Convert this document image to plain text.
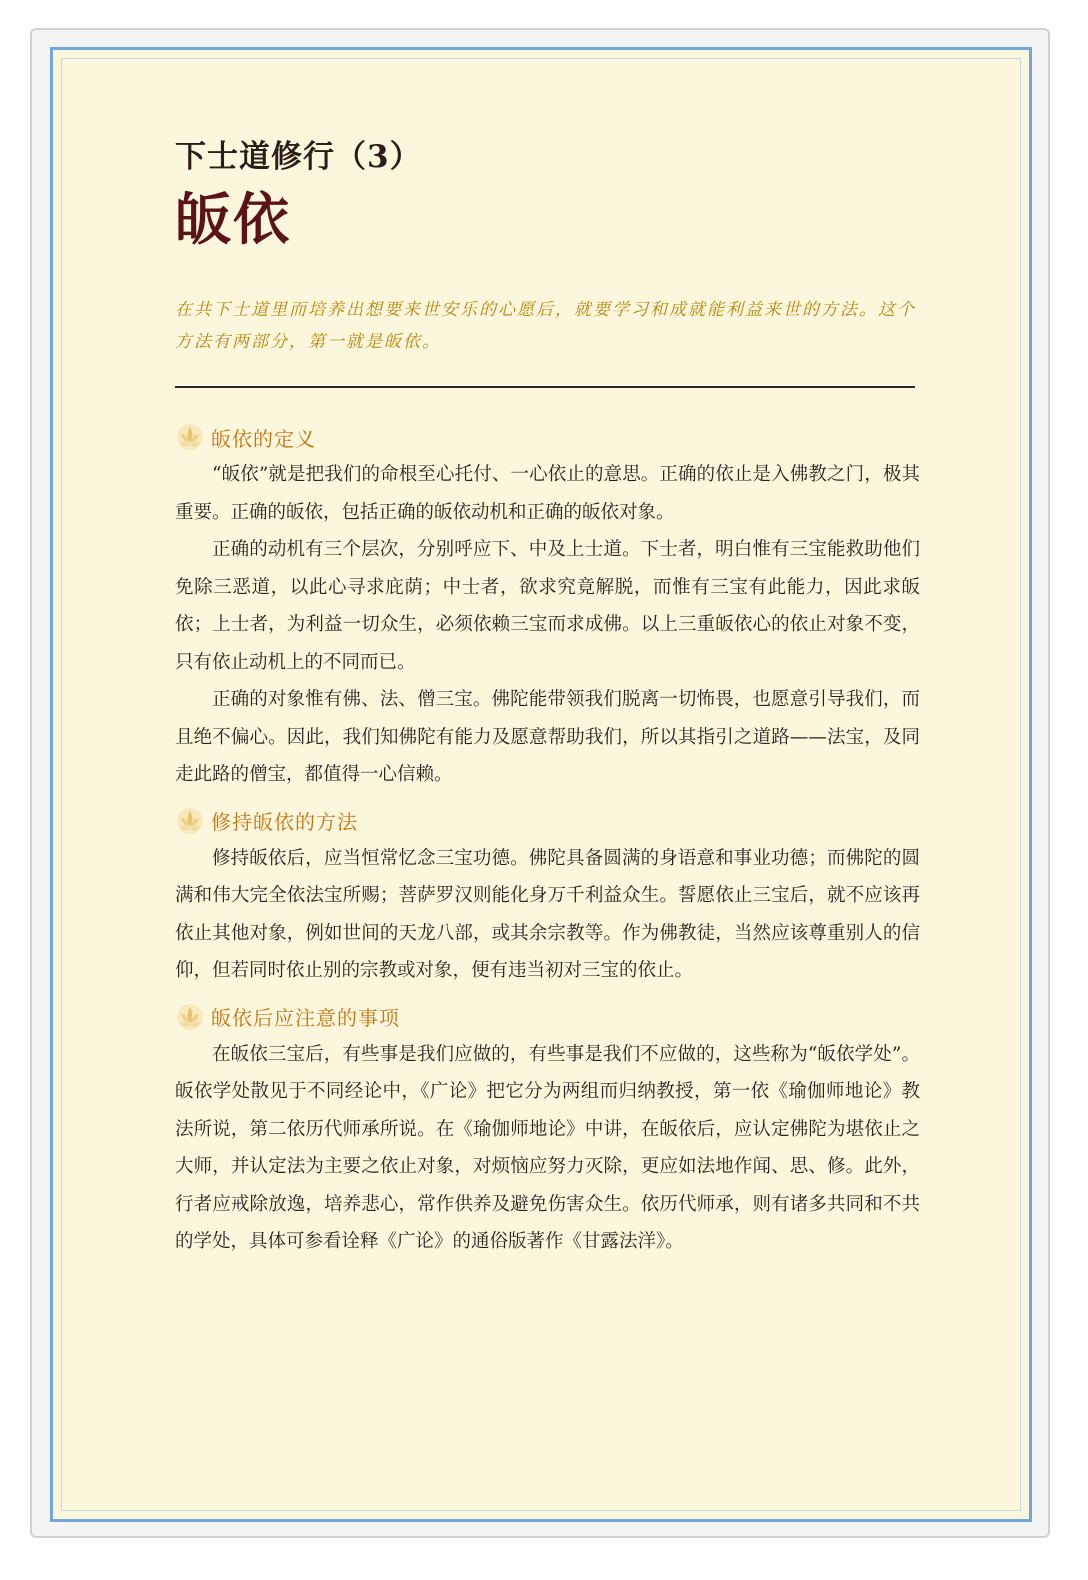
下士道修行（3）
皈依
在共下士道里而培养出想要来世安乐的心愿后，就要学习和成就能利益来世的方法。这个方法有两部分，第一就是皈依。
皈依的定义

“皈依”就是把我们的命根至心托付、一心依止的意思。正确的依止是入佛教之门，极其重要。正确的皈依，包括正确的皈依动机和正确的皈依对象。

正确的动机有三个层次，分别呼应下、中及上士道。下士者，明白惟有三宝能救助他们免除三恶道，以此心寻求庇荫；中士者，欲求究竟解脱，而惟有三宝有此能力，因此求皈依；上士者，为利益一切众生，必须依赖三宝而求成佛。以上三重皈依心的依止对象不变，只有依止动机上的不同而已。

正确的对象惟有佛、法、僧三宝。佛陀能带领我们脱离一切怖畏，也愿意引导我们，而且绝不偏心。因此，我们知佛陀有能力及愿意帮助我们，所以其指引之道路——法宝，及同走此路的僧宝，都值得一心信赖。

修持皈依的方法

修持皈依后，应当恒常忆念三宝功德。佛陀具备圆满的身语意和事业功德；而佛陀的圆满和伟大完全依法宝所赐；菩萨罗汉则能化身万千利益众生。誓愿依止三宝后，就不应该再依止其他对象，例如世间的天龙八部，或其余宗教等。作为佛教徒，当然应该尊重别人的信仰，但若同时依止别的宗教或对象，便有违当初对三宝的依止。

皈依后应注意的事项

在皈依三宝后，有些事是我们应做的，有些事是我们不应做的，这些称为“皈依学处”。皈依学处散见于不同经论中，《广论》把它分为两组而归纳教授，第一依《瑜伽师地论》教法所说，第二依历代师承所说。在《瑜伽师地论》中讲，在皈依后，应认定佛陀为堪依止之大师，并认定法为主要之依止对象，对烦恼应努力灭除，更应如法地作闻、思、修。此外，行者应戒除放逸，培养悲心，常作供养及避免伤害众生。依历代师承，则有诸多共同和不共的学处，具体可参看诠释《广论》的通俗版著作《甘露法洋》。
